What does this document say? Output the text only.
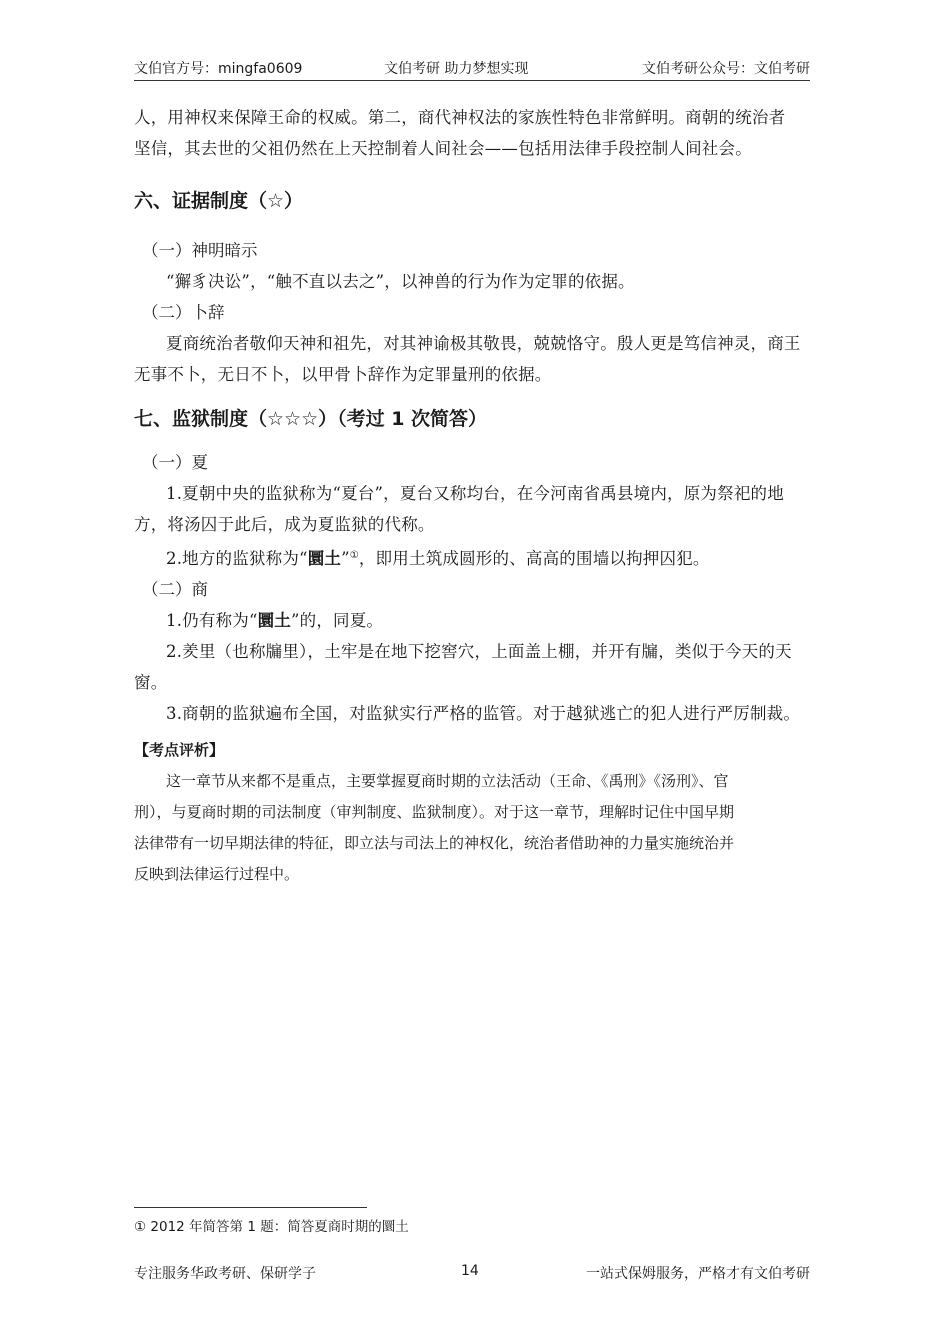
文伯官方号：mingfa0609	文伯考研 助力梦想实现	文伯考研公众号：文伯考研

人，用神权来保障王命的权威。第二，商代神权法的家族性特色非常鲜明。商朝的统治者

坚信，其去世的父祖仍然在上天控制着人间社会——包括用法律手段控制人间社会。

六、证据制度（☆）

（一）神明暗示

“獬豸决讼”，“触不直以去之”，以神兽的行为作为定罪的依据。

（二）卜辞

夏商统治者敬仰天神和祖先，对其神谕极其敬畏，兢兢恪守。殷人更是笃信神灵，商王

无事不卜，无日不卜，以甲骨卜辞作为定罪量刑的依据。

七、监狱制度（☆☆☆）（考过 1 次简答）

（一）夏

1.夏朝中央的监狱称为“夏台”，夏台又称均台，在今河南省禹县境内，原为祭祀的地

方，将汤囚于此后，成为夏监狱的代称。

2.地方的监狱称为“圜土”①，即用土筑成圆形的、高高的围墙以拘押囚犯。

（二）商

1.仍有称为“圜土”的，同夏。

2.羑里（也称牖里），土牢是在地下挖窖穴，上面盖上棚，并开有牖，类似于今天的天

窗。

3.商朝的监狱遍布全国，对监狱实行严格的监管。对于越狱逃亡的犯人进行严厉制裁。

【考点评析】

这一章节从来都不是重点，主要掌握夏商时期的立法活动（王命、《禹刑》《汤刑》、官

刑），与夏商时期的司法制度（审判制度、监狱制度）。对于这一章节，理解时记住中国早期

法律带有一切早期法律的特征，即立法与司法上的神权化，统治者借助神的力量实施统治并

反映到法律运行过程中。

① 2012 年简答第 1 题：简答夏商时期的圜土
专注服务华政考研、保研学子	14	一站式保姆服务，严格才有文伯考研
